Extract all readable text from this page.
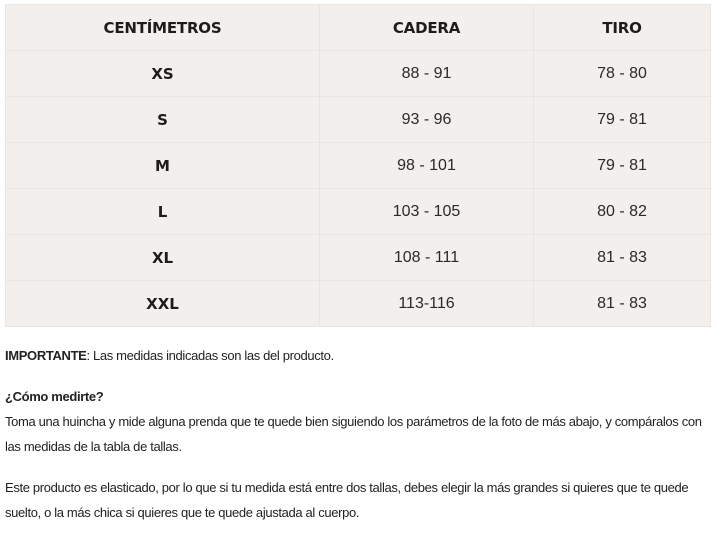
CENTÍMETROS	CADERA	TIRO
XS	88 - 91	78 - 80
S	93 - 96	79 - 81
M	98 - 101	79 - 81
L	103 - 105	80 - 82
XL	108 - 111	81 - 83
XXL	113-116	81 - 83

IMPORTANTE: Las medidas indicadas son las del producto.

¿Cómo medirte?

Toma una huincha y mide alguna prenda que te quede bien siguiendo los parámetros de la foto de más abajo, y compáralos con las medidas de la tabla de tallas.

Este producto es elasticado, por lo que si tu medida está entre dos tallas, debes elegir la más grandes si quieres que te quede suelto, o la más chica si quieres que te quede ajustada al cuerpo.
